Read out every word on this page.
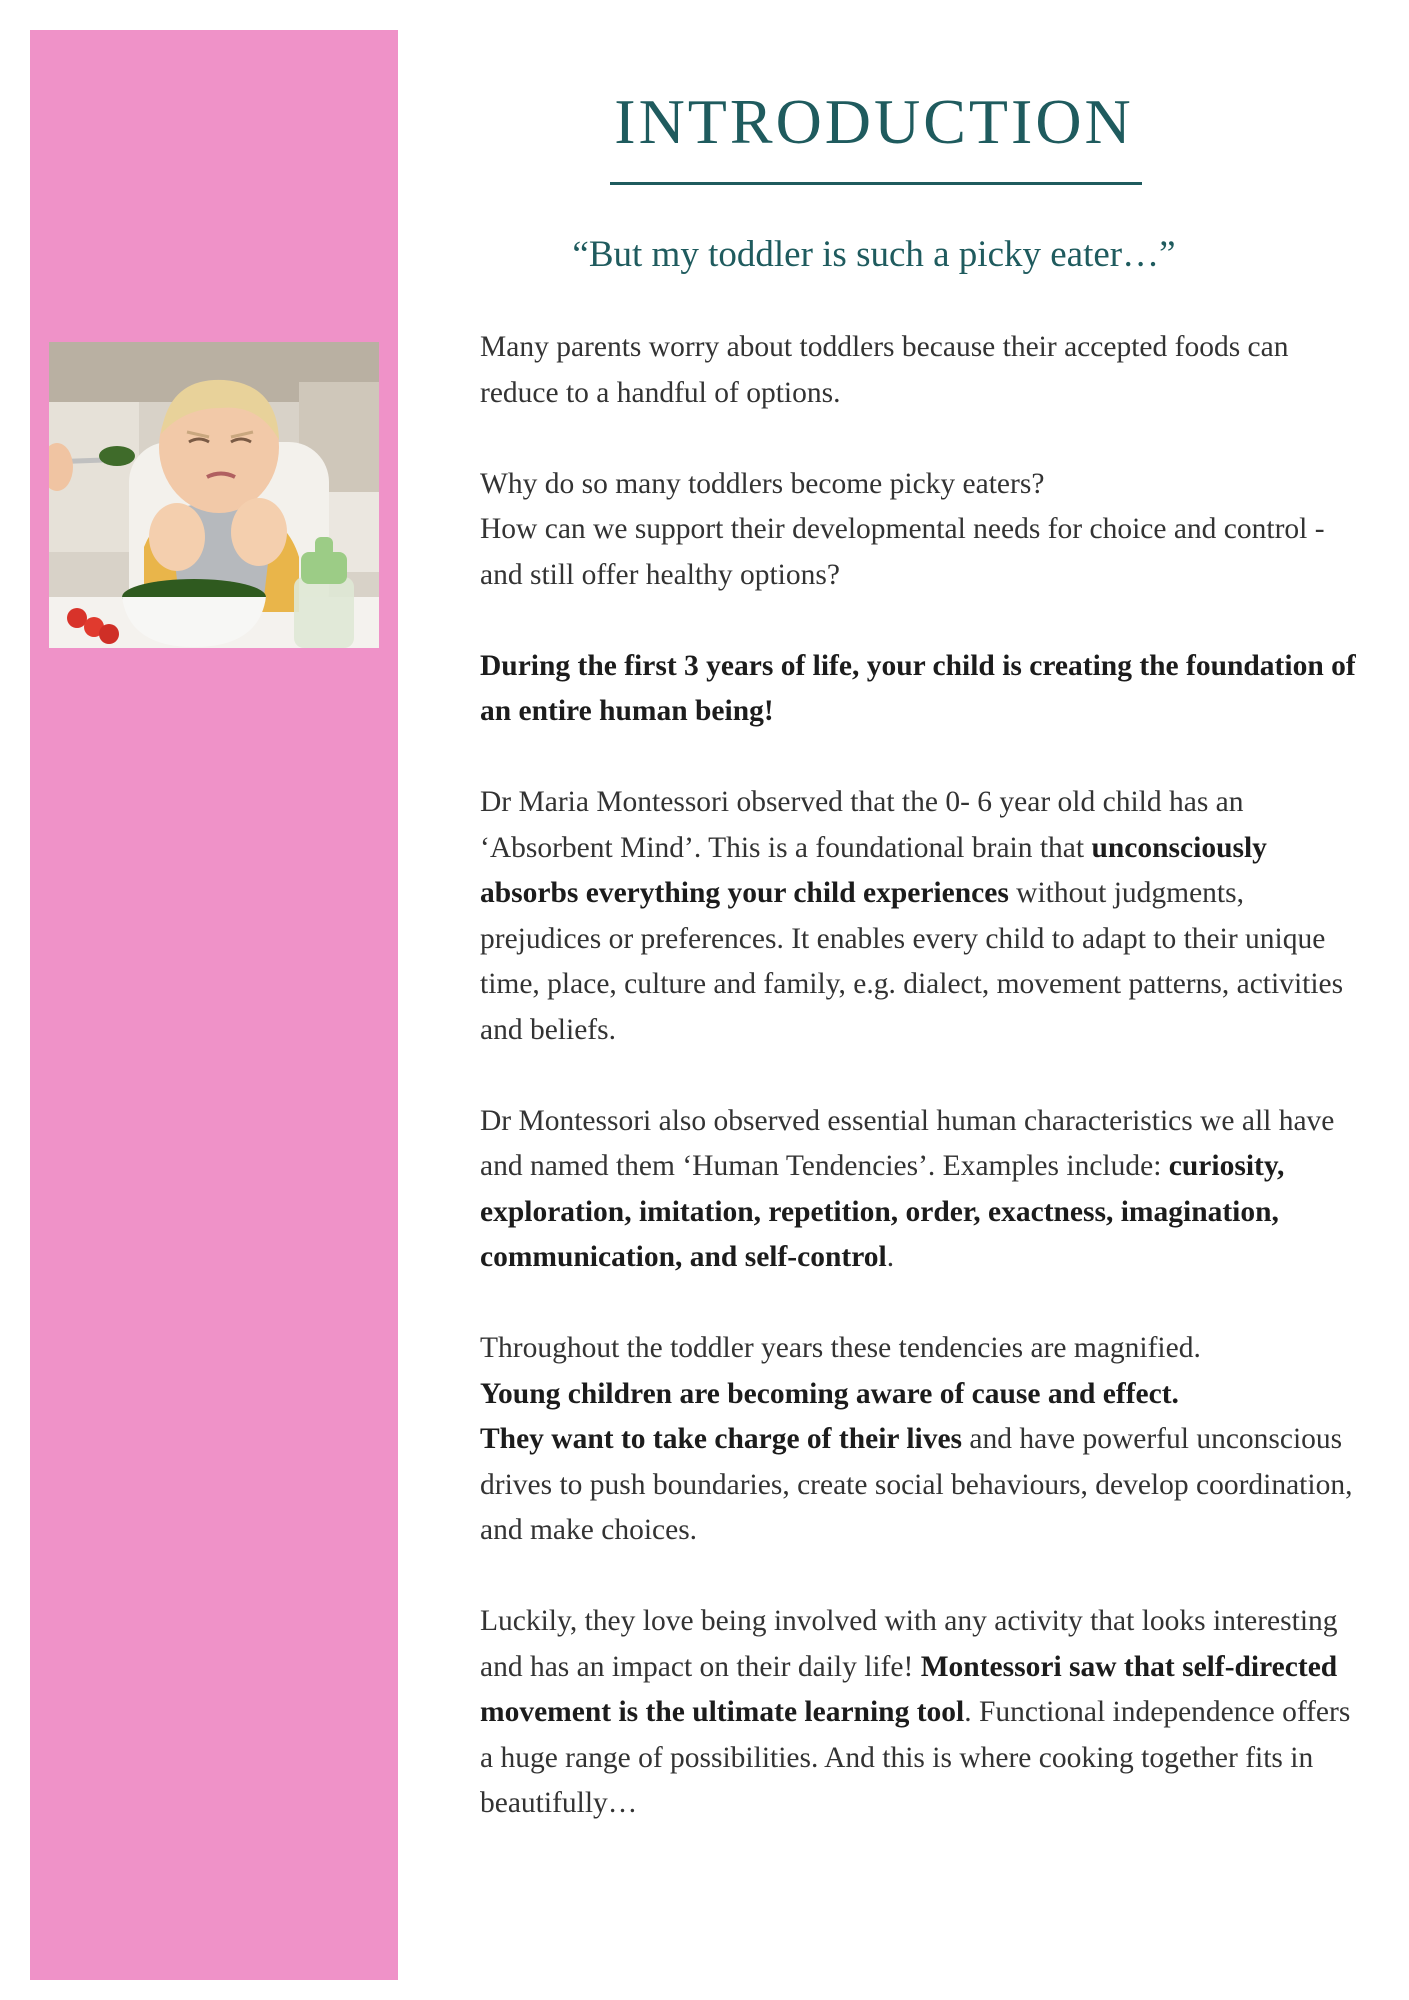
INTRODUCTION

“But my toddler is such a picky eater…”

Many parents worry about toddlers because their accepted foods can reduce to a handful of options.

Why do so many toddlers become picky eaters?
How can we support their developmental needs for choice and control - and still offer healthy options?

During the first 3 years of life, your child is creating the foundation of an entire human being!

Dr Maria Montessori observed that the 0- 6 year old child has an ‘Absorbent Mind’. This is a foundational brain that unconsciously absorbs everything your child experiences without judgments, prejudices or preferences. It enables every child to adapt to their unique time, place, culture and family, e.g. dialect, movement patterns, activities and beliefs.

Dr Montessori also observed essential human characteristics we all have and named them ‘Human Tendencies’. Examples include: curiosity, exploration, imitation, repetition, order, exactness, imagination, communication, and self-control.

Throughout the toddler years these tendencies are magnified.
Young children are becoming aware of cause and effect.
They want to take charge of their lives and have powerful unconscious drives to push boundaries, create social behaviours, develop coordination, and make choices.

Luckily, they love being involved with any activity that looks interesting and has an impact on their daily life! Montessori saw that self-directed movement is the ultimate learning tool. Functional independence offers a huge range of possibilities. And this is where cooking together fits in beautifully…
